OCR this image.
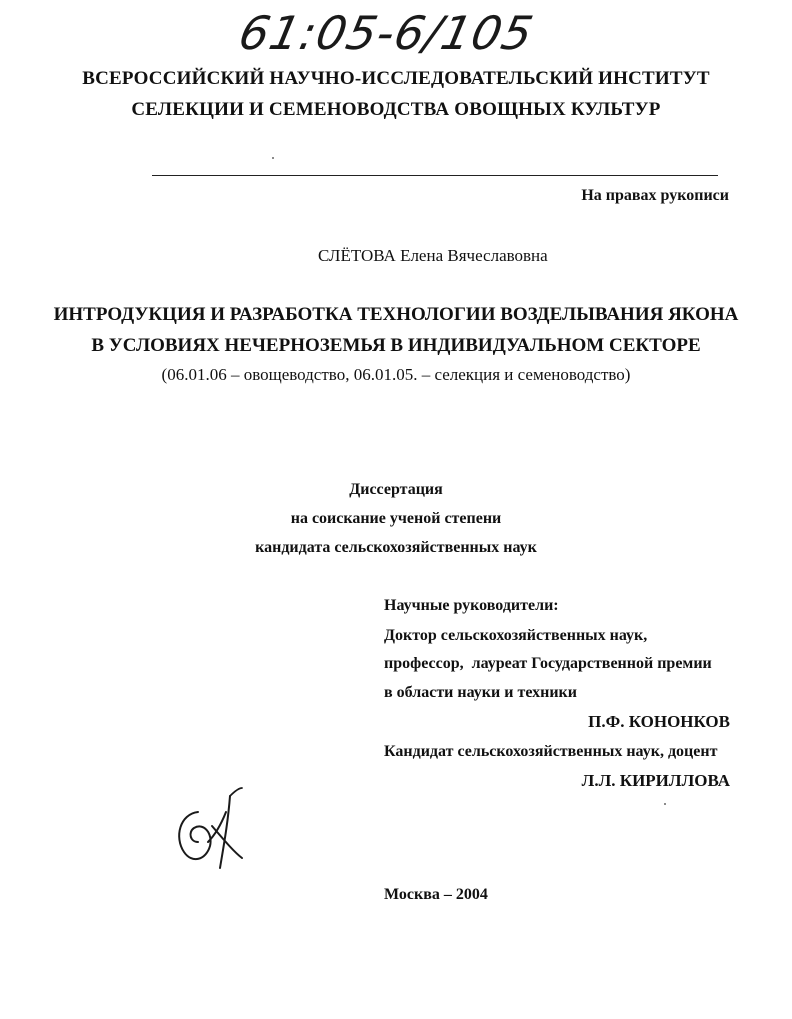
61:05-6/105
ВСЕРОССИЙСКИЙ НАУЧНО-ИССЛЕДОВАТЕЛЬСКИЙ ИНСТИТУТ
СЕЛЕКЦИИ И СЕМЕНОВОДСТВА ОВОЩНЫХ КУЛЬТУР
На правах рукописи
СЛЁТОВА Елена Вячеславовна
ИНТРОДУКЦИЯ И РАЗРАБОТКА ТЕХНОЛОГИИ ВОЗДЕЛЫВАНИЯ ЯКОНА
В УСЛОВИЯХ НЕЧЕРНОЗЕМЬЯ В ИНДИВИДУАЛЬНОМ СЕКТОРЕ
(06.01.06 – овощеводство, 06.01.05. – селекция и семеноводство)
Диссертация
на соискание ученой степени
кандидата сельскохозяйственных наук
Научные руководители:
Доктор сельскохозяйственных наук,
профессор,  лауреат Государственной премии
в области науки и техники
П.Ф. КОНОНКОВ
Кандидат сельскохозяйственных наук, доцент
Л.Л. КИРИЛЛОВА
Москва – 2004
